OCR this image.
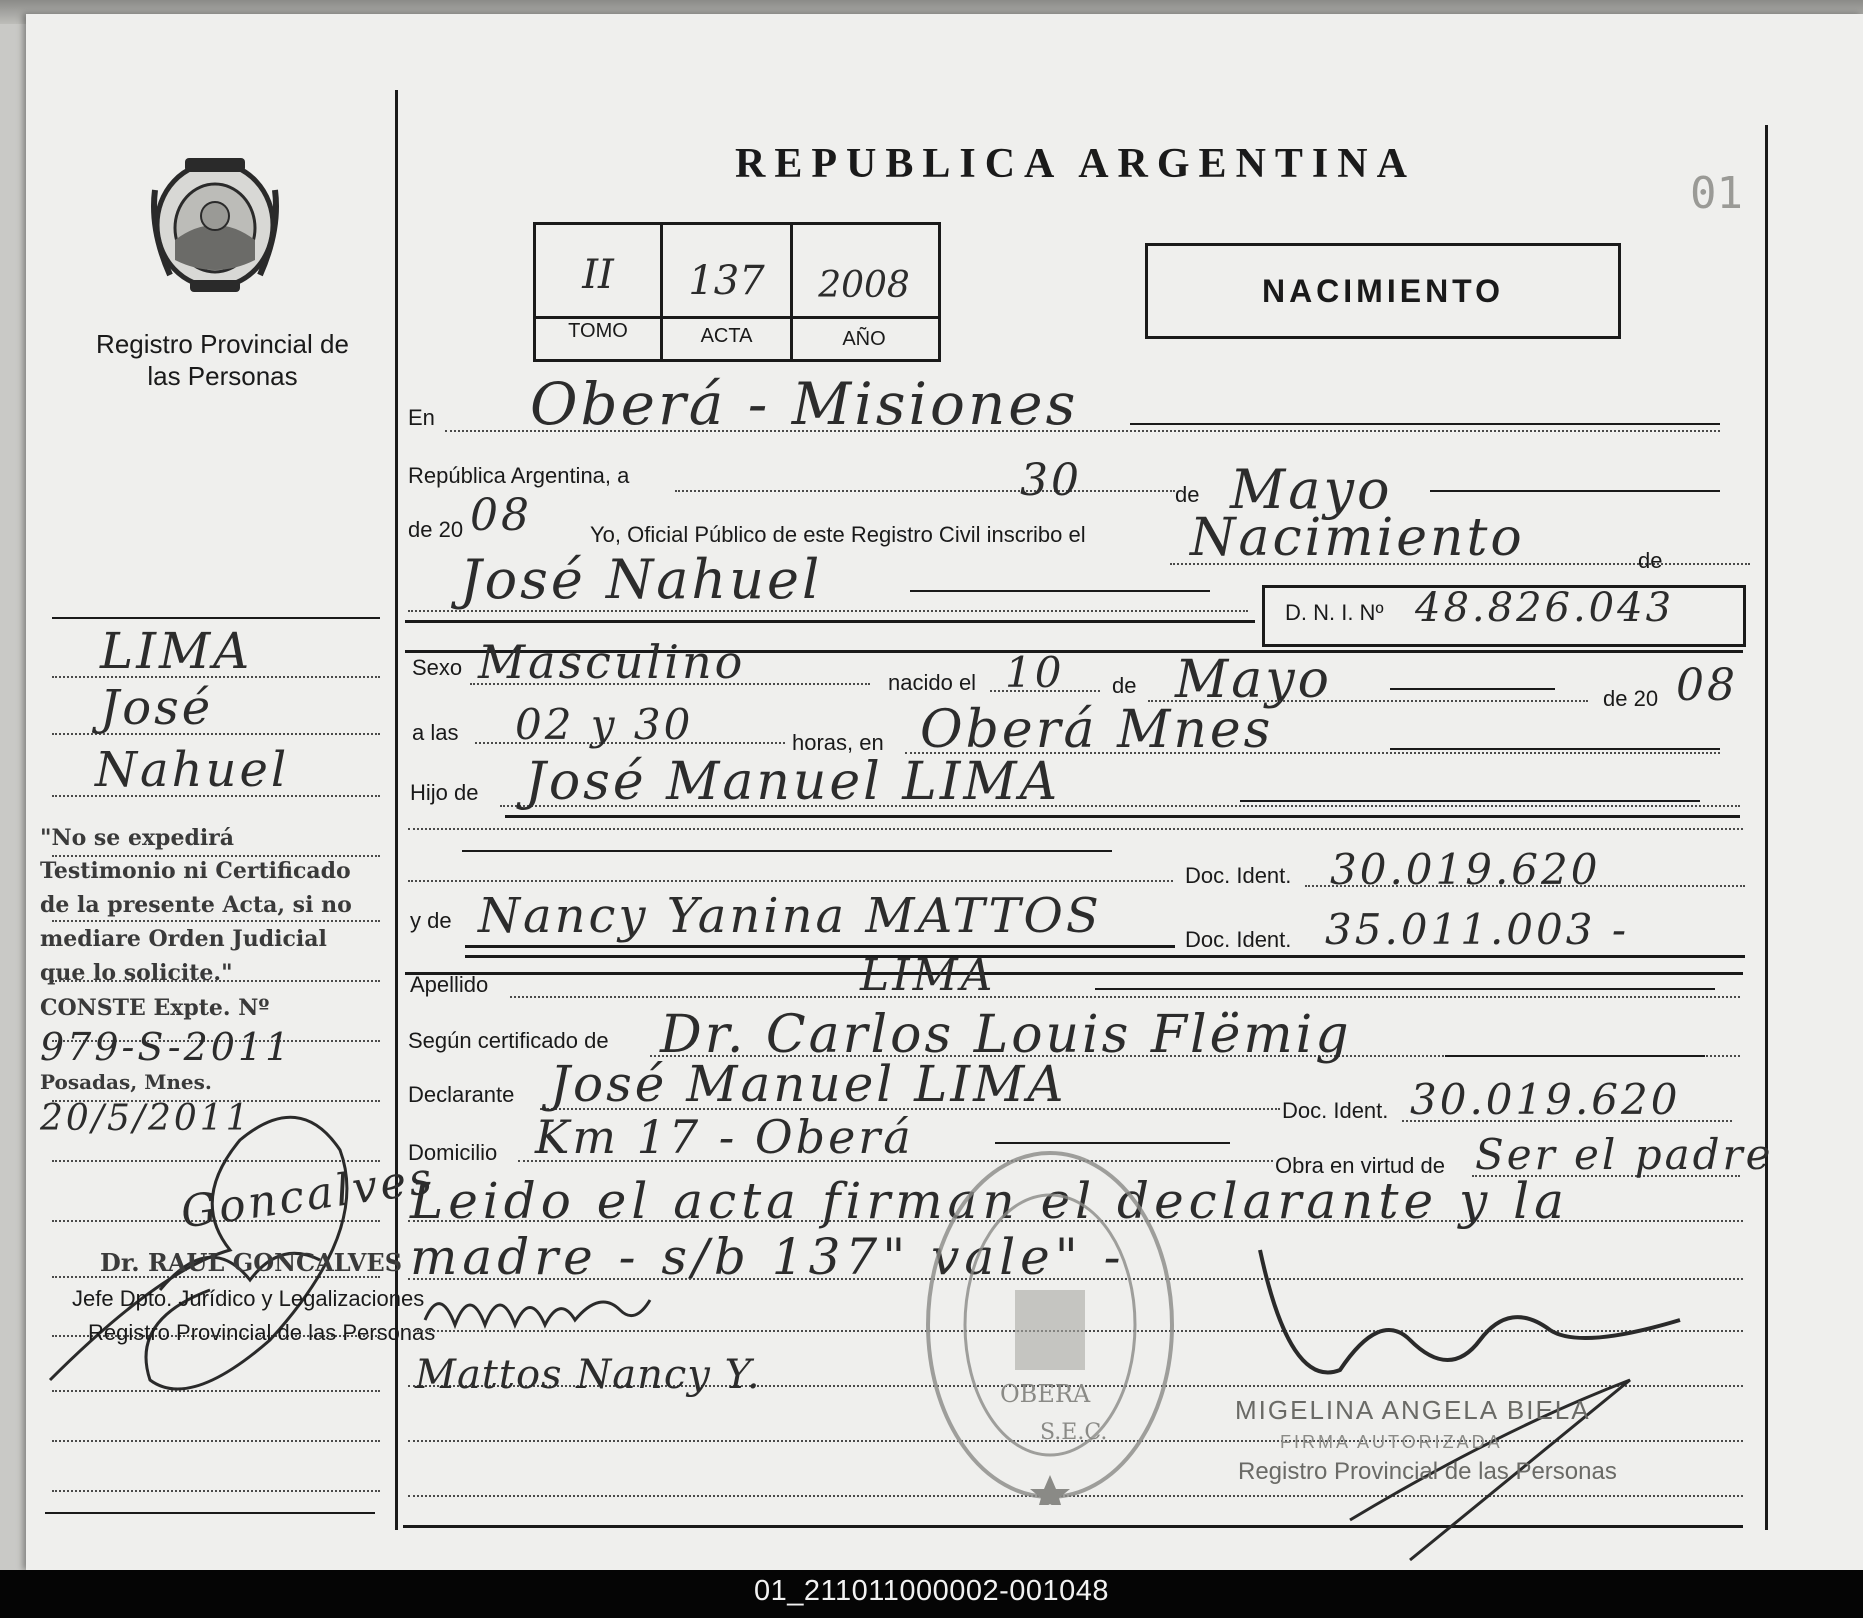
Registro Provincial de las Personas
LIMA
José
Nahuel
"No se expedirá
Testimonio ni Certificado
de la presente Acta, si no
mediare Orden Judicial
que lo solicite."
CONSTE Expte. Nº
979-S-2011
Posadas, Mnes.
20/5/2011
Goncalves
Dr. RAUL GONCALVES
Jefe Dpto. Jurídico y Legalizaciones
Registro Provincial de las Personas
REPUBLICA ARGENTINA
01
II	137	2008
TOMO	ACTA	AÑO
NACIMIENTO
En Oberá - Misiones
República Argentina, a	30	de Mayo
de 20 08	Yo, Oficial Público de este Registro Civil inscribo el Nacimiento	de
José Nahuel
D. N. I. Nº 48.826.043
Sexo Masculino	nacido el 10 de Mayo	de 20 08
a las 02 y 30	horas, en Oberá Mnes
Hijo de José Manuel LIMA
Doc. Ident. 30.019.620
y de Nancy Yanina MATTOS	Doc. Ident. 35.011.003 -
Apellido	LIMA
Según certificado de Dr. Carlos Louis Flëmig
Declarante José Manuel LIMA	Doc. Ident. 30.019.620
Domicilio Km 17 - Oberá
Obra en virtud de Ser el padre
Leido el acta firman el declarante y la
madre - s/b 137" vale" -
Mattos Nancy Y.	OBERA
S.E.C.
MIGELINA ANGELA BIELA
FIRMA AUTORIZADA
Registro Provincial de las Personas
01_211011000002-001048
